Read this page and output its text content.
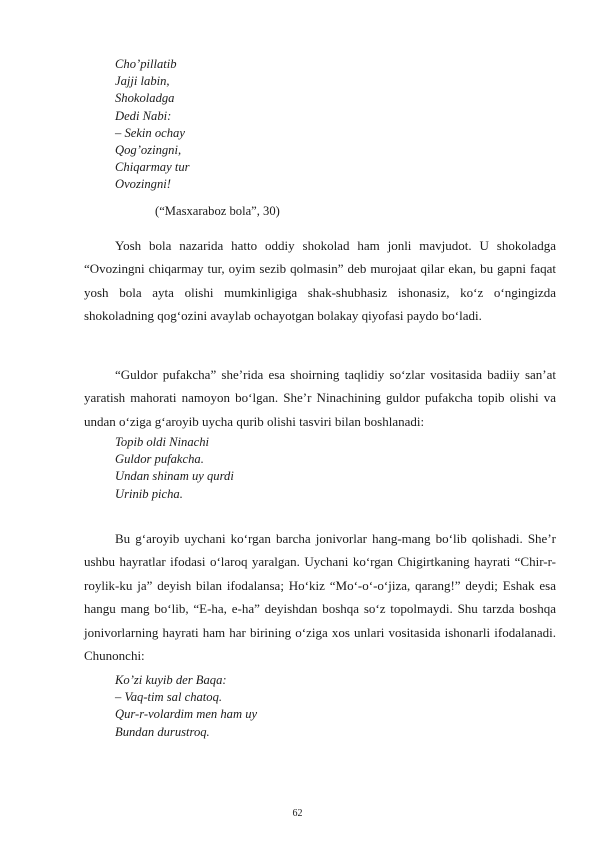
Cho’pillatib
Jajji labin,
Shokoladga
Dedi Nabi:
– Sekin ochay
Qog’ozingni,
Chiqarmay tur
Ovozingni!
(“Masxaraboz bola”, 30)
Yosh bola nazarida hatto oddiy shokolad ham jonli mavjudot. U shokoladga “Ovozingni chiqarmay tur, oyim sezib qolmasin” deb murojaat qilar ekan, bu gapni faqat yosh bola ayta olishi mumkinligiga shak-shubhasiz ishonasiz, ko‘z o‘ngingizda shokoladning qog‘ozini avaylab ochayotgan bolakay qiyofasi paydo bo‘ladi.
“Guldor pufakcha” she’rida esa shoirning taqlidiy so‘zlar vositasida badiiy san’at yaratish mahorati namoyon bo‘lgan. She’r Ninachining guldor pufakcha topib olishi va undan o‘ziga g‘aroyib uycha qurib olishi tasviri bilan boshlanadi:
Topib oldi Ninachi
Guldor pufakcha.
Undan shinam uy qurdi
Urinib picha.
Bu g‘aroyib uychani ko‘rgan barcha jonivorlar hang-mang bo‘lib qolishadi. She’r ushbu hayratlar ifodasi o‘laroq yaralgan. Uychani ko‘rgan Chigirtkaning hayrati “Chir-r-roylik-ku ja” deyish bilan ifodalansa; Ho‘kiz “Mo‘-o‘-o‘jiza, qarang!” deydi; Eshak esa hangu mang bo‘lib, “E-ha, e-ha” deyishdan boshqa so‘z topolmaydi. Shu tarzda boshqa jonivorlarning hayrati ham har birining o‘ziga xos unlari vositasida ishonarli ifodalanadi. Chunonchi:
Ko’zi kuyib der Baqa:
– Vaq-tim sal chatoq.
Qur-r-volardim men ham uy
Bundan durustroq.
62
